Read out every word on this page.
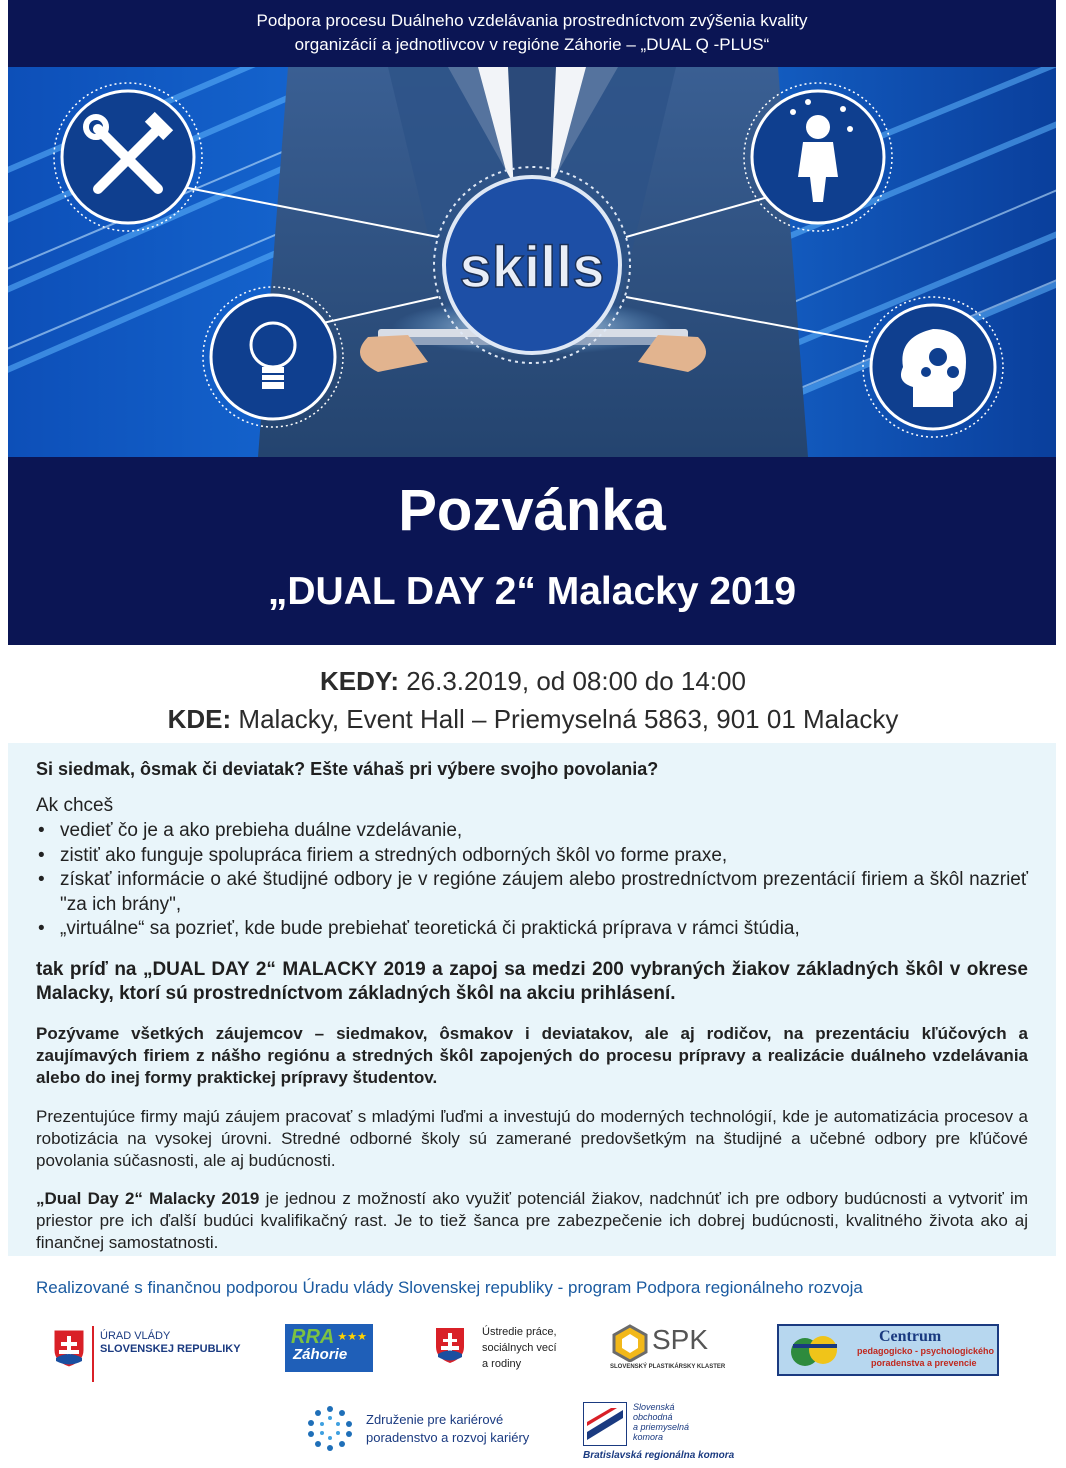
Podpora procesu Duálneho vzdelávania prostredníctvom zvýšenia kvality
organizácií a jednotlivcov v regióne Záhorie – „DUAL Q -PLUS“
skills
Pozvánka
„DUAL DAY 2“ Malacky 2019
KEDY: 26.3.2019, od 08:00 do 14:00
KDE: Malacky, Event Hall – Priemyselná 5863, 901 01 Malacky
Si siedmak, ôsmak či deviatak? Ešte váhaš pri výbere svojho povolania?
Ak chceš
• vedieť čo je a ako prebieha duálne vzdelávanie,
• zistiť ako funguje spolupráca firiem a stredných odborných škôl vo forme praxe,
• získať informácie o aké študijné odbory je v regióne záujem alebo prostredníctvom prezentácií firiem a škôl nazrieť "za ich brány",
• „virtuálne“ sa pozrieť, kde bude prebiehať teoretická či praktická príprava v rámci štúdia,
tak príď na „DUAL DAY 2“ MALACKY 2019 a zapoj sa medzi 200 vybraných žiakov základných škôl v okrese Malacky, ktorí sú prostredníctvom základných škôl na akciu prihlásení.
Pozývame všetkých záujemcov – siedmakov, ôsmakov i deviatakov, ale aj rodičov, na prezentáciu kľúčových a zaujímavých firiem z nášho regiónu a stredných škôl zapojených do procesu prípravy a realizácie duálneho vzdelávania alebo do inej formy praktickej prípravy študentov.
Prezentujúce firmy majú záujem pracovať s mladými ľuďmi a investujú do moderných technológií, kde je automatizácia procesov a robotizácia na vysokej úrovni. Stredné odborné školy sú zamerané predovšetkým na študijné a učebné odbory pre kľúčové povolania súčasnosti, ale aj budúcnosti.
„Dual Day 2“ Malacky 2019 je jednou z možností ako využiť potenciál žiakov, nadchnúť ich pre odbory budúcnosti a vytvoriť im priestor pre ich ďalší budúci kvalifikačný rast. Je to tiež šanca pre zabezpečenie ich dobrej budúcnosti, kvalitného života ako aj finančnej samostatnosti.
Realizované s finančnou podporou Úradu vlády Slovenskej republiky - program Podpora regionálneho rozvoja
ÚRAD VLÁDY
SLOVENSKEJ REPUBLIKY
RRA
Záhorie
★★★	Ústredie práce,
sociálnych vecí
a rodiny
SPK
SLOVENSKÝ PLASTIKÁRSKY KLASTER
Centrum
pedagogicko - psychologického
poradenstva a prevencie
Združenie pre kariérové
poradenstvo a rozvoj kariéry
Slovenská
obchodná
a priemyselná
komora
Bratislavská regionálna komora
